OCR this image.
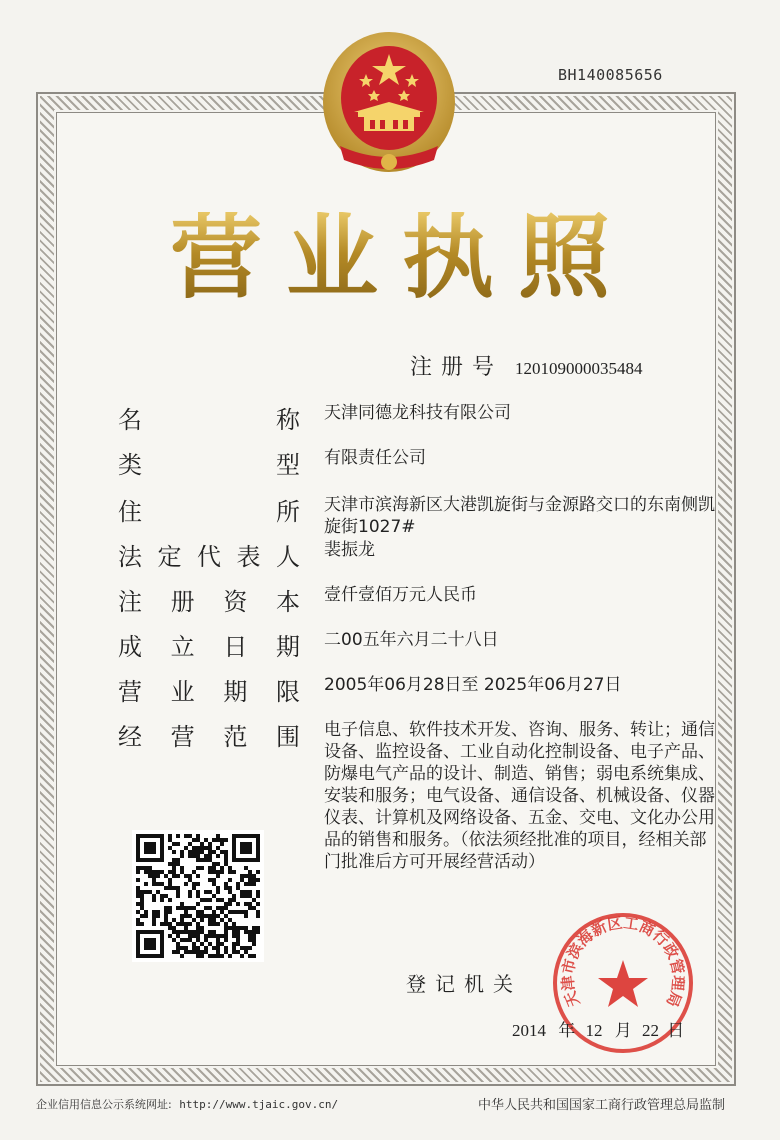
BH140085656
营 业 执 照
注册号 120109000035484
名	称 天津同德龙科技有限公司
类	型 有限责任公司
住	所 天津市滨海新区大港凯旋街与金源路交口的东南侧凯旋街1027#
法 定 代 表 人 裴振龙
注 册 资 本 壹仟壹佰万元人民币
成 立 日 期 二00五年六月二十八日
营 业 期 限 2005年06月28日至 2025年06月27日
经 营 范 围 电子信息、软件技术开发、咨询、服务、转让；通信设备、监控设备、工业自动化控制设备、电子产品、防爆电气产品的设计、制造、销售；弱电系统集成、安装和服务；电气设备、通信设备、机械设备、仪器仪表、计算机及网络设备、五金、交电、文化办公用品的销售和服务。（依法须经批准的项目，经相关部门批准后方可开展经营活动）
登记机关
天津市滨海新区工商行政管理局
2014 年 12 月 22 日
企业信用信息公示系统网址: http://www.tjaic.gov.cn/	中华人民共和国国家工商行政管理总局监制
